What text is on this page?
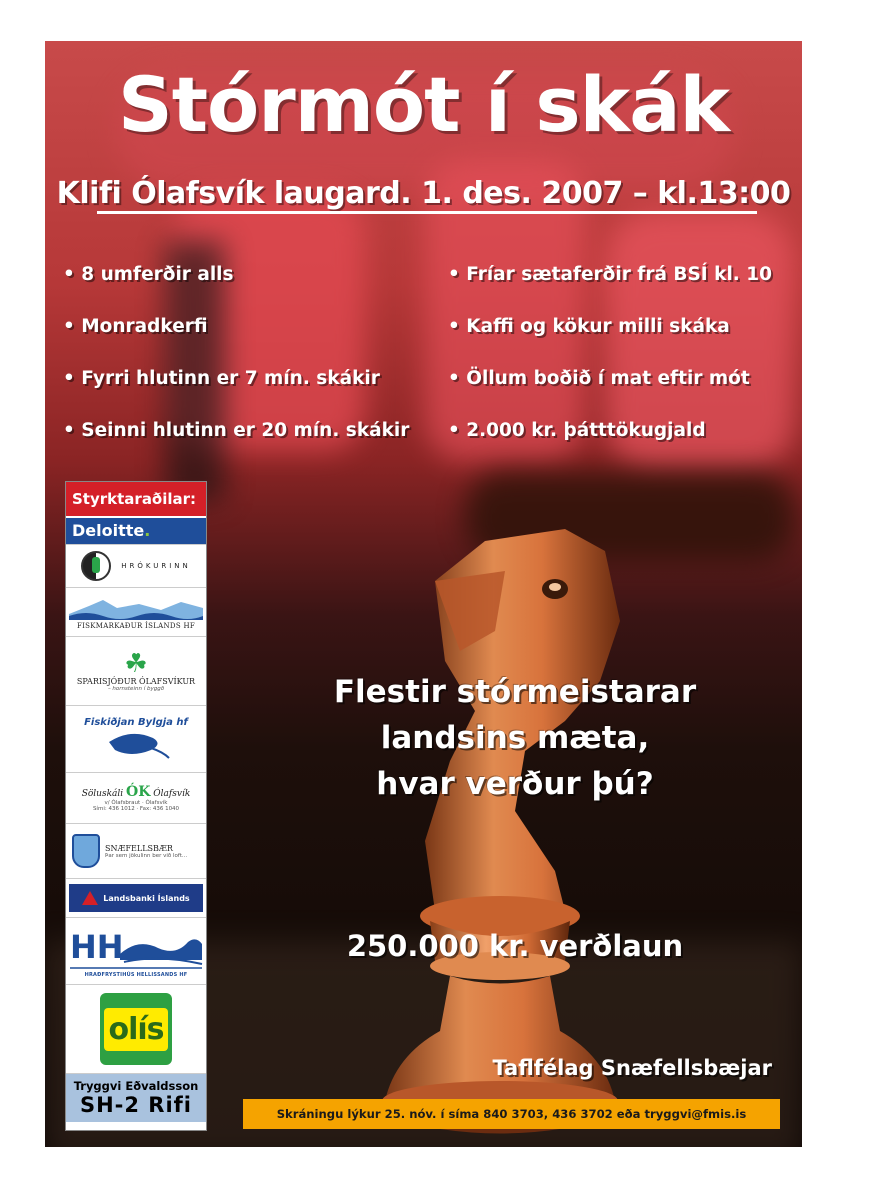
Stórmót í skák
Klifi Ólafsvík laugard. 1. des. 2007 – kl.13:00
• 8 umferðir alls
• Monradkerfi
• Fyrri hlutinn er 7 mín. skákir
• Seinni hlutinn er 20 mín. skákir
• Fríar sætaferðir frá BSÍ kl. 10
• Kaffi og kökur milli skáka
• Öllum boðið í mat eftir mót
• 2.000 kr. þátttökugjald
Styrktaraðilar:
Deloitte.
HRÓKURINN
FISKMARKAÐUR ÍSLANDS HF
☘
SPARISJÓÐUR ÓLAFSVÍKUR
– hornsteinn í byggð
Fiskiðjan Bylgja hf
Söluskáli ÓK Ólafsvík
v/ Ólafsbraut · Ólafsvík
Sími: 436 1012 · Fax: 436 1040
SNÆFELLSBÆR
Þar sem jökulinn ber við loft...
Landsbanki Íslands
HH
HRAÐFRYSTIHÚS HELLISSANDS HF
olís
Tryggvi Eðvaldsson
SH-2 Rifi
Flestir stórmeistarar
landsins mæta,
hvar verður þú?
250.000 kr. verðlaun
Taflfélag Snæfellsbæjar
Skráningu lýkur 25. nóv. í síma 840 3703, 436 3702 eða tryggvi@fmis.is
